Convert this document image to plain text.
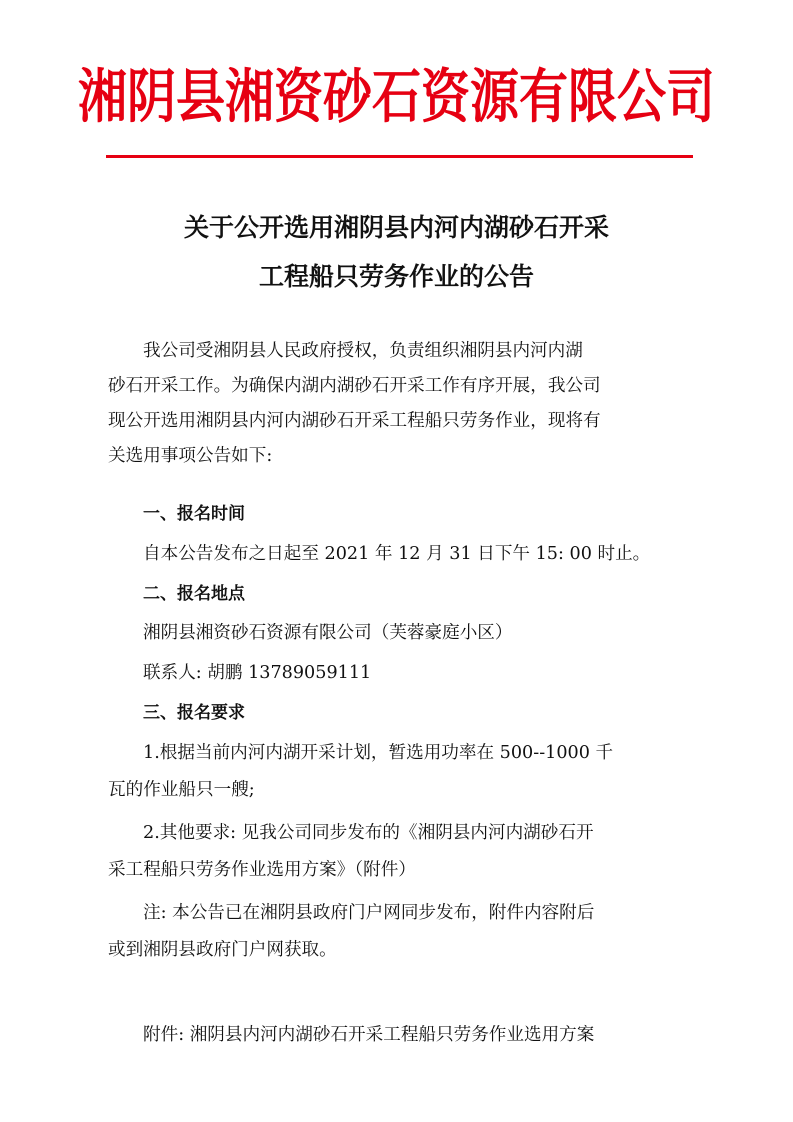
湘阴县湘资砂石资源有限公司
关于公开选用湘阴县内河内湖砂石开采
工程船只劳务作业的公告
我公司受湘阴县人民政府授权，负责组织湘阴县内河内湖
砂石开采工作。为确保内湖内湖砂石开采工作有序开展，我公司
现公开选用湘阴县内河内湖砂石开采工程船只劳务作业，现将有
关选用事项公告如下:
一、报名时间
自本公告发布之日起至 2021 年 12 月 31 日下午 15: 00 时止。
二、报名地点
湘阴县湘资砂石资源有限公司（芙蓉豪庭小区）
联系人: 胡鹏 13789059111
三、报名要求
1.根据当前内河内湖开采计划，暂选用功率在 500--1000 千
瓦的作业船只一艘;
2.其他要求: 见我公司同步发布的《湘阴县内河内湖砂石开
采工程船只劳务作业选用方案》（附件）
注: 本公告已在湘阴县政府门户网同步发布，附件内容附后
或到湘阴县政府门户网获取。
附件: 湘阴县内河内湖砂石开采工程船只劳务作业选用方案
